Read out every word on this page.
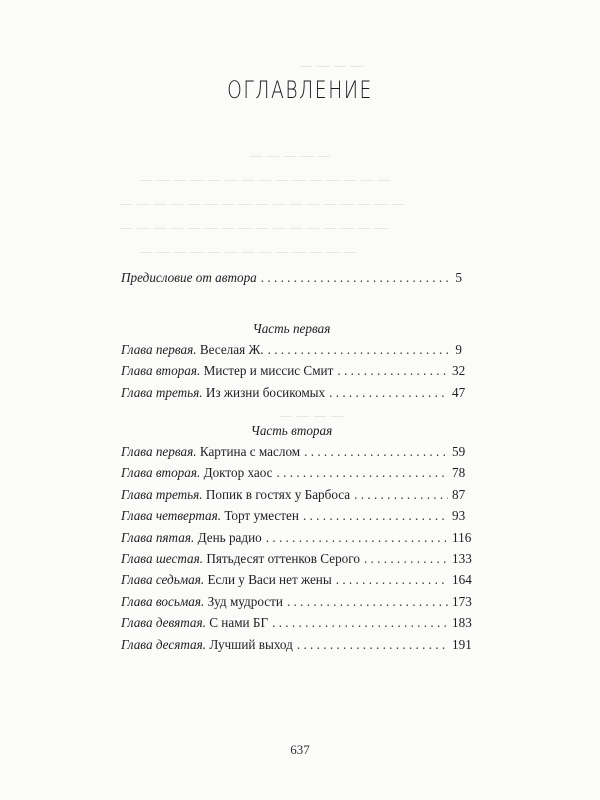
— — — —
— — — — —
— — — — — — — — — — — — — — —
— — — — — — — — — — — — — — — — —
— — — — — — — — — — — — — — — —
— — — — — — — — — — — — —
— — — —
ОГЛАВЛЕНИЕ
Предисловие от автора . . .	5
Часть первая
Глава первая. Веселая Ж. . . .	9
Глава вторая. Мистер и миссис Смит . . .	32
Глава третья. Из жизни босикомых . . .	47
Часть вторая
Глава первая. Картина с маслом . . .	59
Глава вторая. Доктор хаос . . .	78
Глава третья. Попик в гостях у Барбоса . . .	87
Глава четвертая. Торт уместен . . .	93
Глава пятая. День радио . . .	116
Глава шестая. Пятьдесят оттенков Серого . . .	133
Глава седьмая. Если у Васи нет жены . . .	164
Глава восьмая. Зуд мудрости . . .	173
Глава девятая. С нами БГ . . .	183
Глава десятая. Лучший выход . . .	191
637
